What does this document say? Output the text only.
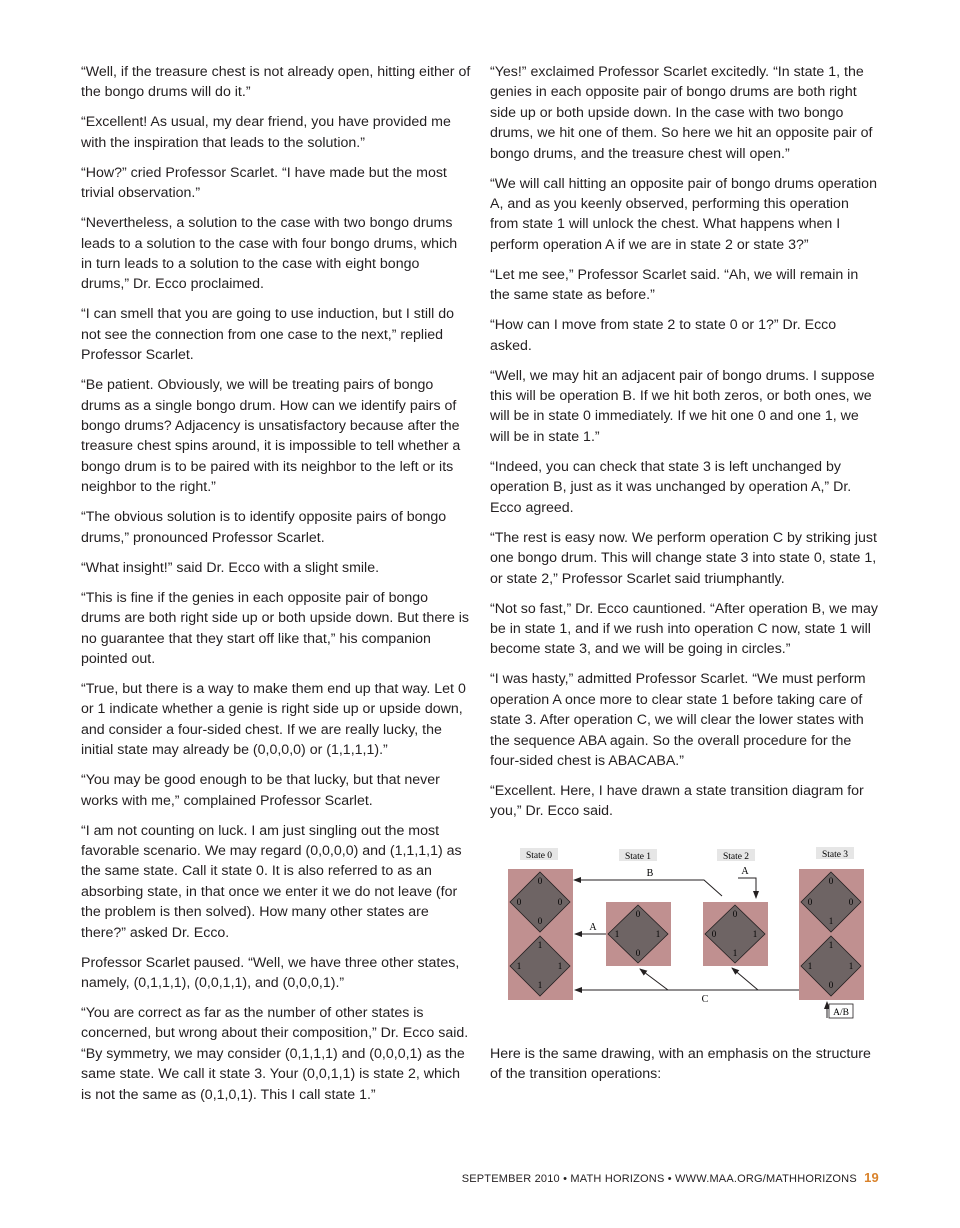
“Well, if the treasure chest is not already open, hitting either of the bongo drums will do it.”

“Excellent! As usual, my dear friend, you have provided me with the inspiration that leads to the solution.”

“How?” cried Professor Scarlet. “I have made but the most trivial observation.”

“Nevertheless, a solution to the case with two bongo drums leads to a solution to the case with four bongo drums, which in turn leads to a solution to the case with eight bongo drums,” Dr. Ecco proclaimed.

“I can smell that you are going to use induction, but I still do not see the connection from one case to the next,” replied Professor Scarlet.

“Be patient. Obviously, we will be treating pairs of bongo drums as a single bongo drum. How can we identify pairs of bongo drums? Adjacency is unsatisfactory because after the treasure chest spins around, it is impossible to tell whether a bongo drum is to be paired with its neighbor to the left or its neighbor to the right.”

“The obvious solution is to identify opposite pairs of bongo drums,” pronounced Professor Scarlet.

“What insight!” said Dr. Ecco with a slight smile.

“This is fine if the genies in each opposite pair of bongo drums are both right side up or both upside down. But there is no guarantee that they start off like that,” his companion pointed out.

“True, but there is a way to make them end up that way. Let 0 or 1 indicate whether a genie is right side up or upside down, and consider a four-sided chest. If we are really lucky, the initial state may already be (0,0,0,0) or (1,1,1,1).”

“You may be good enough to be that lucky, but that never works with me,” complained Professor Scarlet.

“I am not counting on luck. I am just singling out the most favorable scenario. We may regard (0,0,0,0) and (1,1,1,1) as the same state. Call it state 0. It is also referred to as an absorbing state, in that once we enter it we do not leave (for the problem is then solved). How many other states are there?” asked Dr. Ecco.

Professor Scarlet paused. “Well, we have three other states, namely, (0,1,1,1), (0,0,1,1), and (0,0,0,1).”

“You are correct as far as the number of other states is concerned, but wrong about their composition,” Dr. Ecco said. “By symmetry, we may consider (0,1,1,1) and (0,0,0,1) as the same state. We call it state 3. Your (0,0,1,1) is state 2, which is not the same as (0,1,0,1). This I call state 1.”

“Yes!” exclaimed Professor Scarlet excitedly. “In state 1, the genies in each opposite pair of bongo drums are both right side up or both upside down. In the case with two bongo drums, we hit one of them. So here we hit an opposite pair of bongo drums, and the treasure chest will open.”

“We will call hitting an opposite pair of bongo drums operation A, and as you keenly observed, performing this operation from state 1 will unlock the chest. What happens when I perform operation A if we are in state 2 or state 3?”

“Let me see,” Professor Scarlet said. “Ah, we will remain in the same state as before.”

“How can I move from state 2 to state 0 or 1?” Dr. Ecco asked.

“Well, we may hit an adjacent pair of bongo drums. I suppose this will be operation B. If we hit both zeros, or both ones, we will be in state 0 immediately. If we hit one 0 and one 1, we will be in state 1.”

“Indeed, you can check that state 3 is left unchanged by operation B, just as it was unchanged by operation A,” Dr. Ecco agreed.

“The rest is easy now. We perform operation C by striking just one bongo drum. This will change state 3 into state 0, state 1, or state 2,” Professor Scarlet said triumphantly.

“Not so fast,” Dr. Ecco cauntioned. “After operation B, we may be in state 1, and if we rush into operation C now, state 1 will become state 3, and we will be going in circles.”

“I was hasty,” admitted Professor Scarlet. “We must perform operation A once more to clear state 1 before taking care of state 3. After operation C, we will clear the lower states with the sequence ABA again. So the overall procedure for the four-sided chest is ABACABA.”

“Excellent. Here, I have drawn a state transition diagram for you,” Dr. Ecco said.

State 0	State 1	State 2	State 3
0
0	0
0
1
1	1
1
0
1	1
0
0
0	1
1
0
0	0
1
1
1	1
0
B	A
A
C
A/B

Here is the same drawing, with an emphasis on the structure of the transition operations:

SEPTEMBER 2010 • MATH HORIZONS • WWW.MAA.ORG/MATHHORIZONS 19
